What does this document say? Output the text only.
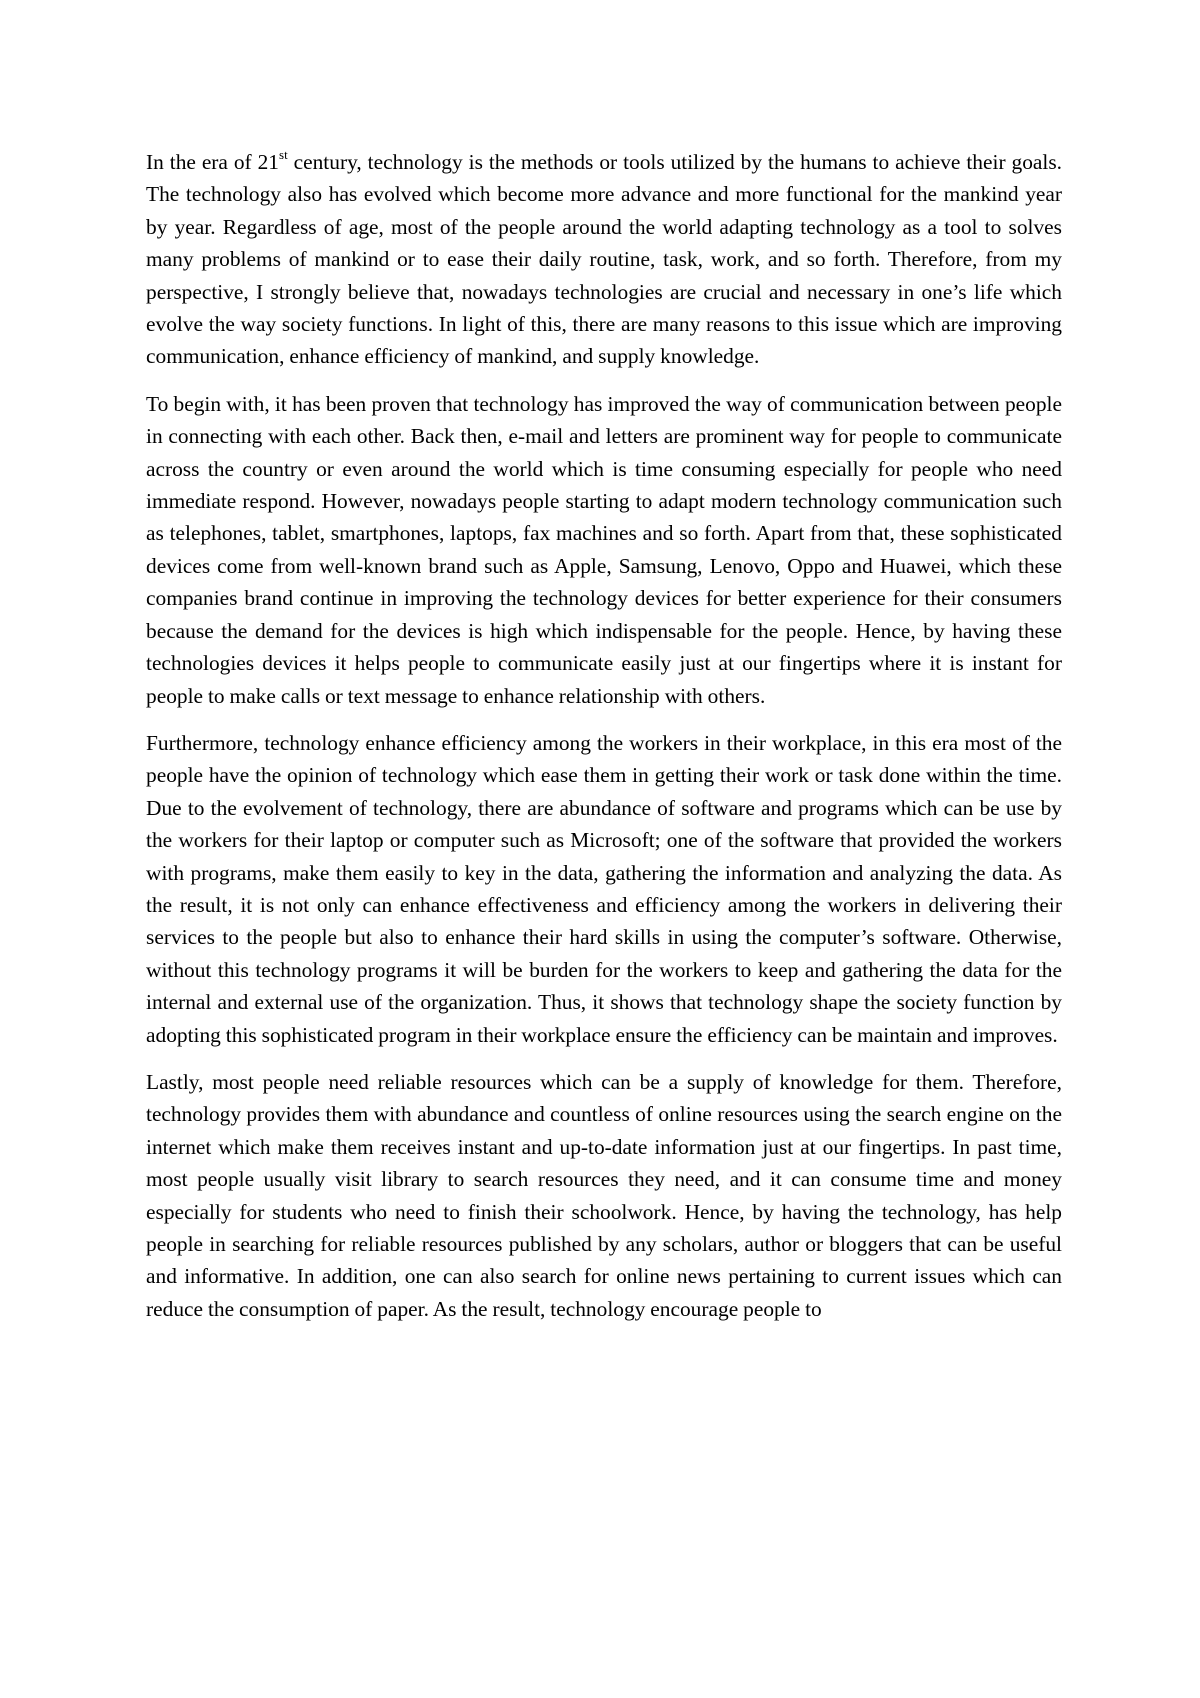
In the era of 21st century, technology is the methods or tools utilized by the humans to achieve their goals. The technology also has evolved which become more advance and more functional for the mankind year by year. Regardless of age, most of the people around the world adapting technology as a tool to solves many problems of mankind or to ease their daily routine, task, work, and so forth. Therefore, from my perspective, I strongly believe that, nowadays technologies are crucial and necessary in one’s life which evolve the way society functions. In light of this, there are many reasons to this issue which are improving communication, enhance efficiency of mankind, and supply knowledge.

To begin with, it has been proven that technology has improved the way of communication between people in connecting with each other. Back then, e-mail and letters are prominent way for people to communicate across the country or even around the world which is time consuming especially for people who need immediate respond. However, nowadays people starting to adapt modern technology communication such as telephones, tablet, smartphones, laptops, fax machines and so forth. Apart from that, these sophisticated devices come from well-known brand such as Apple, Samsung, Lenovo, Oppo and Huawei, which these companies brand continue in improving the technology devices for better experience for their consumers because the demand for the devices is high which indispensable for the people. Hence, by having these technologies devices it helps people to communicate easily just at our fingertips where it is instant for people to make calls or text message to enhance relationship with others.

Furthermore, technology enhance efficiency among the workers in their workplace, in this era most of the people have the opinion of technology which ease them in getting their work or task done within the time. Due to the evolvement of technology, there are abundance of software and programs which can be use by the workers for their laptop or computer such as Microsoft; one of the software that provided the workers with programs, make them easily to key in the data, gathering the information and analyzing the data. As the result, it is not only can enhance effectiveness and efficiency among the workers in delivering their services to the people but also to enhance their hard skills in using the computer’s software. Otherwise, without this technology programs it will be burden for the workers to keep and gathering the data for the internal and external use of the organization. Thus, it shows that technology shape the society function by adopting this sophisticated program in their workplace ensure the efficiency can be maintain and improves.

Lastly, most people need reliable resources which can be a supply of knowledge for them. Therefore, technology provides them with abundance and countless of online resources using the search engine on the internet which make them receives instant and up-to-date information just at our fingertips. In past time, most people usually visit library to search resources they need, and it can consume time and money especially for students who need to finish their schoolwork. Hence, by having the technology, has help people in searching for reliable resources published by any scholars, author or bloggers that can be useful and informative. In addition, one can also search for online news pertaining to current issues which can reduce the consumption of paper. As the result, technology encourage people to
